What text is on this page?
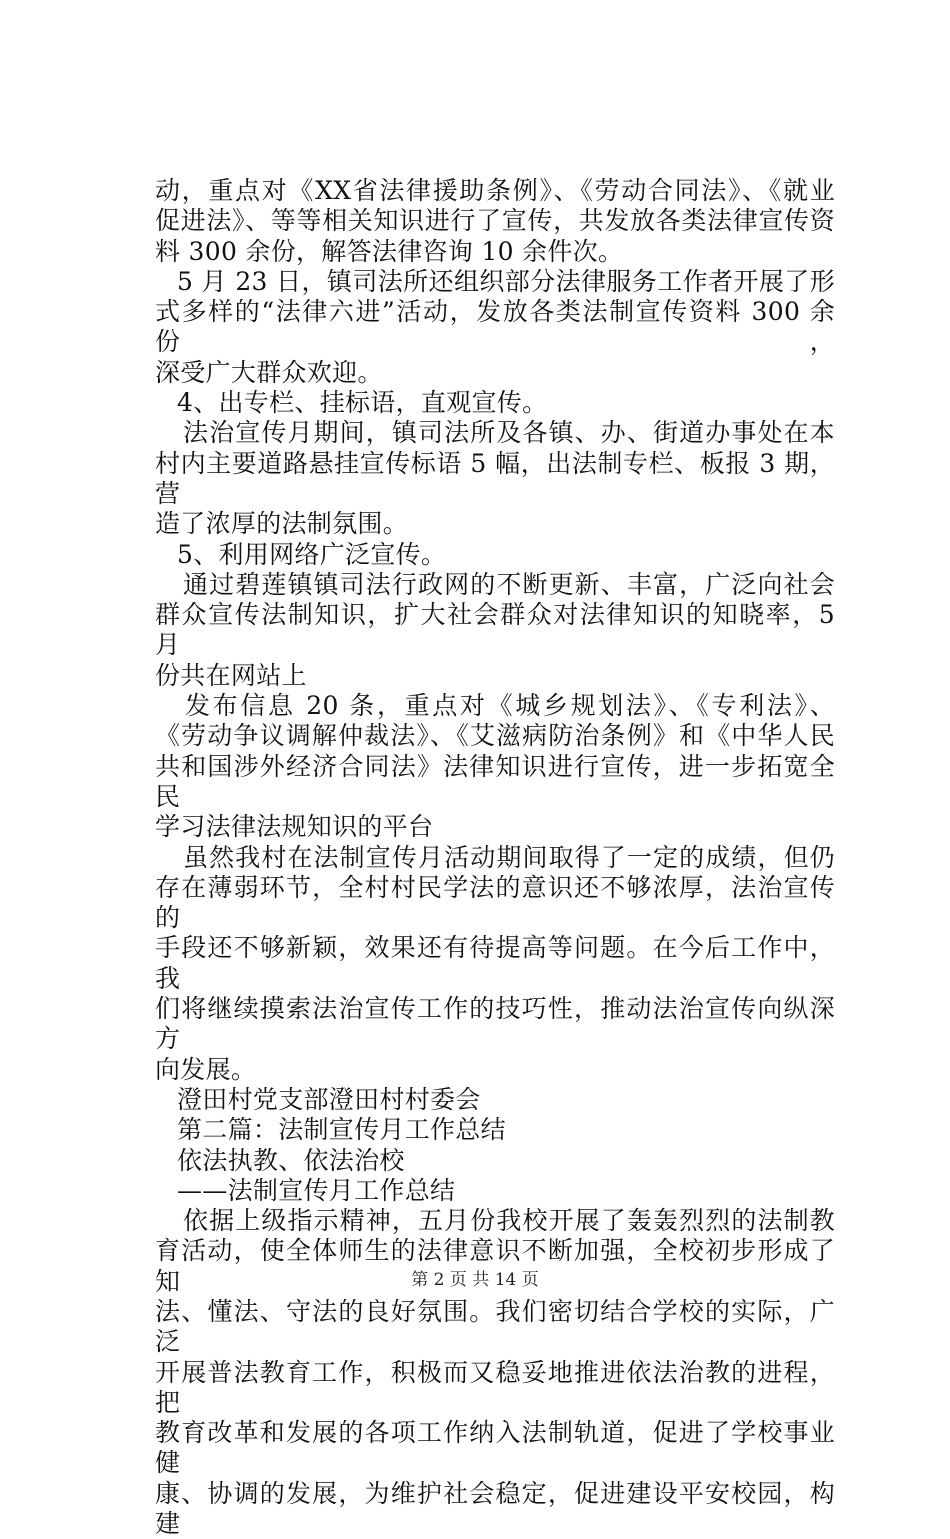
动，重点对《XX省法律援助条例》、《劳动合同法》、《就业
促进法》、等等相关知识进行了宣传，共发放各类法律宣传资
料 300 余份，解答法律咨询 10 余件次。
5 月 23 日，镇司法所还组织部分法律服务工作者开展了形
式多样的“法律六进”活动，发放各类法制宣传资料 300 余份，
深受广大群众欢迎。
4、出专栏、挂标语，直观宣传。
法治宣传月期间，镇司法所及各镇、办、街道办事处在本
村内主要道路悬挂宣传标语 5 幅，出法制专栏、板报 3 期，营
造了浓厚的法制氛围。
5、利用网络广泛宣传。
通过碧莲镇镇司法行政网的不断更新、丰富，广泛向社会
群众宣传法制知识，扩大社会群众对法律知识的知晓率，5 月
份共在网站上
发布信息 20 条，重点对《城乡规划法》、《专利法》、
《劳动争议调解仲裁法》、《艾滋病防治条例》和《中华人民
共和国涉外经济合同法》法律知识进行宣传，进一步拓宽全民
学习法律法规知识的平台
虽然我村在法制宣传月活动期间取得了一定的成绩，但仍
存在薄弱环节，全村村民学法的意识还不够浓厚，法治宣传的
手段还不够新颖，效果还有待提高等问题。在今后工作中，我
们将继续摸索法治宣传工作的技巧性，推动法治宣传向纵深方
向发展。
澄田村党支部澄田村村委会
第二篇：法制宣传月工作总结
依法执教、依法治校
——法制宣传月工作总结
依据上级指示精神，五月份我校开展了轰轰烈烈的法制教
育活动，使全体师生的法律意识不断加强，全校初步形成了知
法、懂法、守法的良好氛围。我们密切结合学校的实际，广泛
开展普法教育工作，积极而又稳妥地推进依法治教的进程，把
教育改革和发展的各项工作纳入法制轨道，促进了学校事业健
康、协调的发展，为维护社会稳定，促进建设平安校园，构建
第 2 页 共 14 页
